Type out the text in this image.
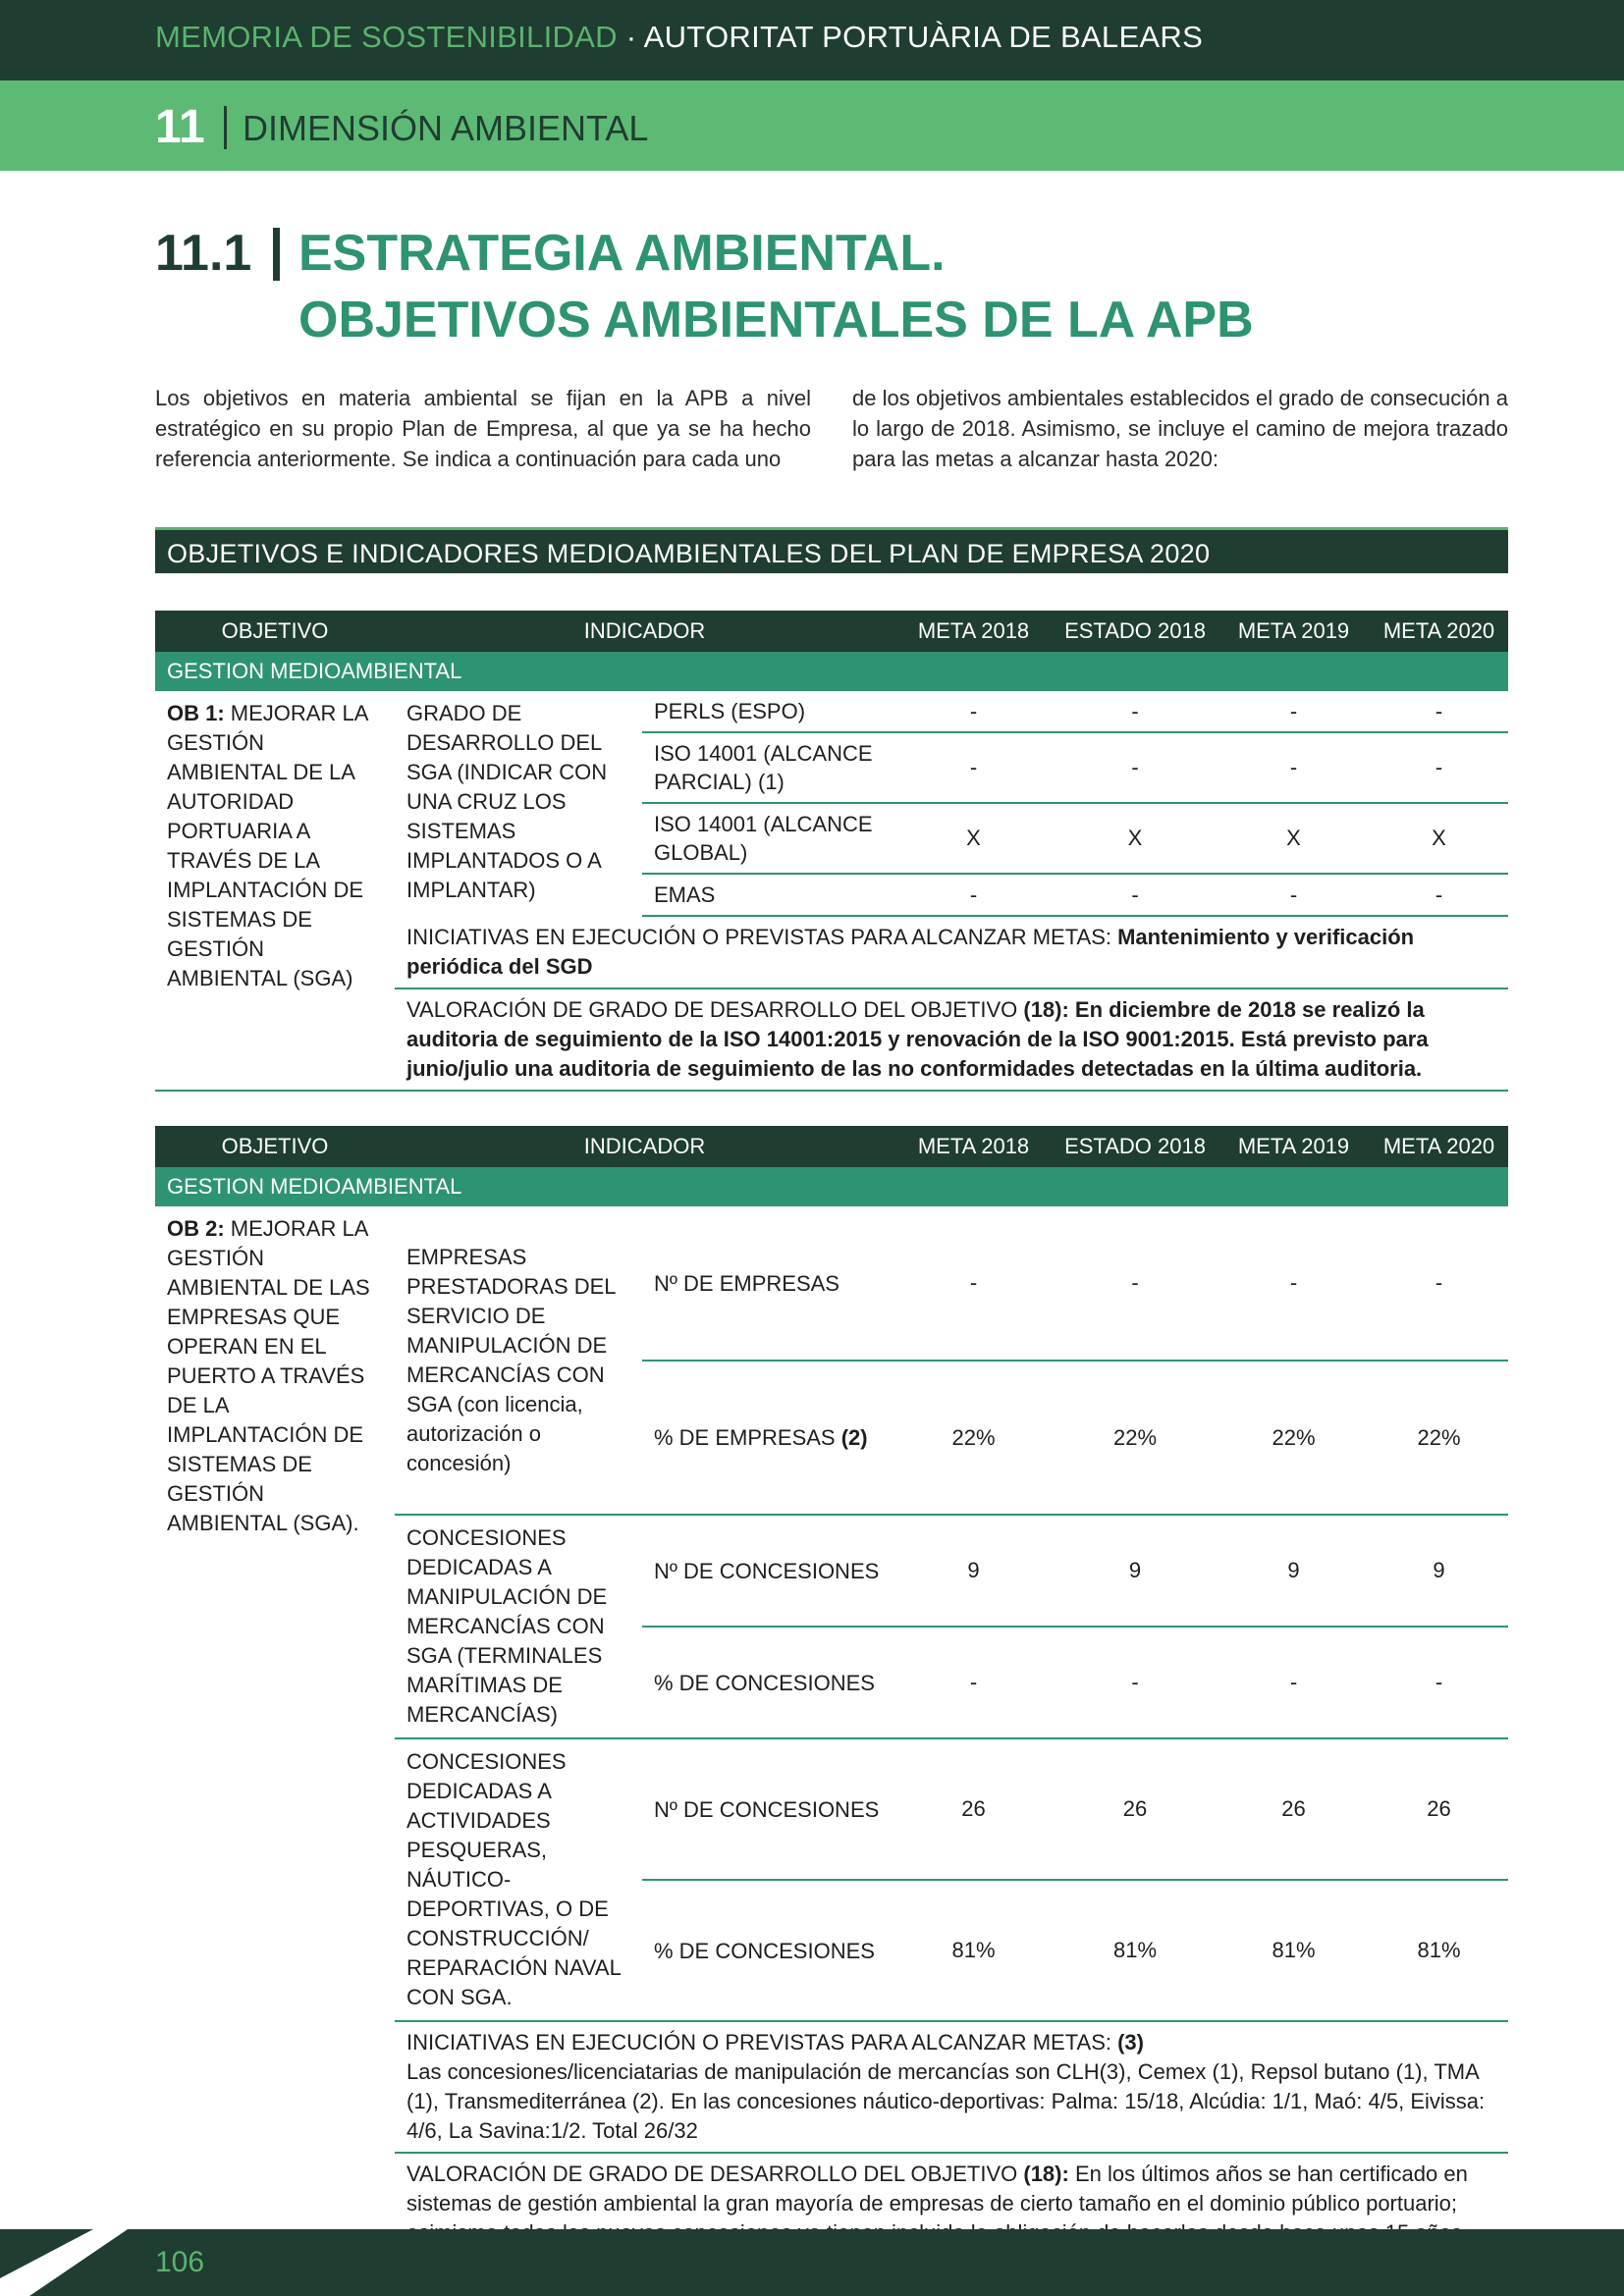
MEMORIA DE SOSTENIBILIDAD · AUTORITAT PORTUÀRIA DE BALEARS
11 DIMENSIÓN AMBIENTAL
11.1 ESTRATEGIA AMBIENTAL.
OBJETIVOS AMBIENTALES DE LA APB

Los objetivos en materia ambiental se fijan en la APB a nivel estratégico en su propio Plan de Empresa, al que ya se ha hecho referencia anteriormente. Se indica a continuación para cada uno

de los objetivos ambientales establecidos el grado de consecución a lo largo de 2018. Asimismo, se incluye el camino de mejora trazado para las metas a alcanzar hasta 2020:

OBJETIVOS E INDICADORES MEDIOAMBIENTALES DEL PLAN DE EMPRESA 2020
OBJETIVO	INDICADOR		META 2018	ESTADO 2018	META 2019	META 2020
GESTION MEDIOAMBIENTAL						
OB 1: MEJORAR LA GESTIÓN AMBIENTAL DE LA AUTORIDAD PORTUARIA A TRAVÉS DE LA IMPLANTACIÓN DE SISTEMAS DE GESTIÓN AMBIENTAL (SGA)	GRADO DE DESARROLLO DEL SGA (INDICAR CON UNA CRUZ LOS SISTEMAS IMPLANTADOS O A IMPLANTAR)	PERLS (ESPO)	-	-	-	-
		ISO 14001 (ALCANCE PARCIAL) (1)	-	-	-	-
		ISO 14001 (ALCANCE GLOBAL)	X	X	X	X
		EMAS	-	-	-	-
	INICIATIVAS EN EJECUCIÓN O PREVISTAS PARA ALCANZAR METAS: Mantenimiento y verificación periódica del SGD					
	VALORACIÓN DE GRADO DE DESARROLLO DEL OBJETIVO (18): En diciembre de 2018 se realizó la auditoria de seguimiento de la ISO 14001:2015 y renovación de la ISO 9001:2015. Está previsto para junio/julio una auditoria de seguimiento de las no conformidades detectadas en la última auditoria.					
OBJETIVO	INDICADOR		META 2018	ESTADO 2018	META 2019	META 2020
GESTION MEDIOAMBIENTAL						
OB 2: MEJORAR LA GESTIÓN AMBIENTAL DE LAS EMPRESAS QUE OPERAN EN EL PUERTO A TRAVÉS DE LA IMPLANTACIÓN DE SISTEMAS DE GESTIÓN AMBIENTAL (SGA).	EMPRESAS PRESTADORAS DEL SERVICIO DE MANIPULACIÓN DE MERCANCÍAS CON SGA (con licencia, autorización o concesión)	Nº DE EMPRESAS	-	-	-	-
		% DE EMPRESAS (2)	22%	22%	22%	22%
	CONCESIONES DEDICADAS A MANIPULACIÓN DE MERCANCÍAS CON SGA (TERMINALES MARÍTIMAS DE MERCANCÍAS)	Nº DE CONCESIONES	9	9	9	9
		% DE CONCESIONES	-	-	-	-
	CONCESIONES DEDICADAS A ACTIVIDADES PESQUERAS, NÁUTICO-DEPORTIVAS, O DE CONSTRUCCIÓN/ REPARACIÓN NAVAL CON SGA.	Nº DE CONCESIONES	26	26	26	26
		% DE CONCESIONES	81%	81%	81%	81%
	INICIATIVAS EN EJECUCIÓN O PREVISTAS PARA ALCANZAR METAS: (3)
Las concesiones/licenciatarias de manipulación de mercancías son CLH(3), Cemex (1), Repsol butano (1), TMA (1), Transmediterránea (2). En las concesiones náutico-deportivas: Palma: 15/18, Alcúdia: 1/1, Maó: 4/5, Eivissa: 4/6, La Savina:1/2. Total 26/32					
	VALORACIÓN DE GRADO DE DESARROLLO DEL OBJETIVO (18): En los últimos años se han certificado en sistemas de gestión ambiental la gran mayoría de empresas de cierto tamaño en el dominio público portuario;					
106
